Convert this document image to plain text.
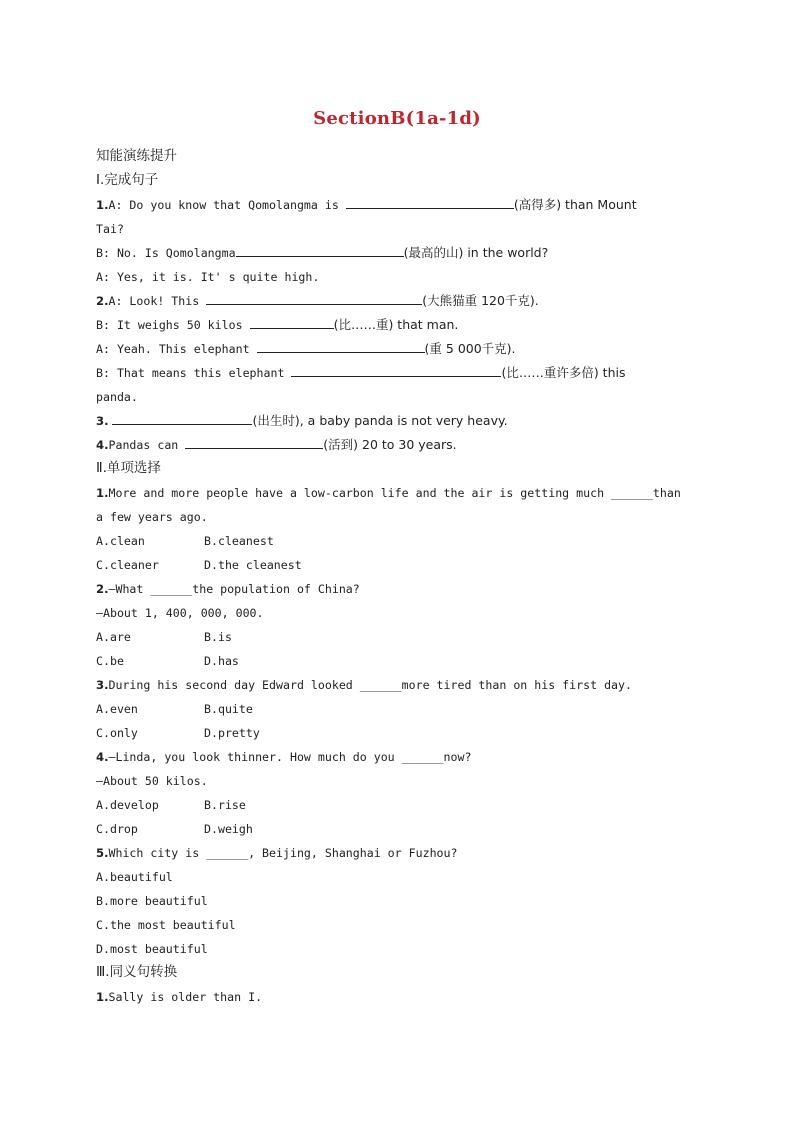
SectionB(1a-1d)
知能演练提升
Ⅰ.完成句子
1.A: Do you know that Qomolangma is	(高得多) than Mount
Tai?
B: No. Is Qomolangma	(最高的山) in the world?
A: Yes, it is. It' s quite high.
2.A: Look! This	(大熊猫重 120千克).
B: It weighs 50 kilos	(比……重) that man.
A: Yeah. This elephant	(重 5 000千克).
B: That means this elephant	(比……重许多倍) this
panda.
3.	(出生时), a baby panda is not very heavy.
4.Pandas can	(活到) 20 to 30 years.
Ⅱ.单项选择
1.More and more people have a low-carbon life and the air is getting much ______than
a few years ago.
A.clean	B.cleanest
C.cleaner	D.the cleanest
2.—What ______the population of China?
—About 1, 400, 000, 000.
A.are	B.is
C.be	D.has
3.During his second day Edward looked ______more tired than on his first day.
A.even	B.quite
C.only	D.pretty
4.—Linda, you look thinner. How much do you ______now?
—About 50 kilos.
A.develop	B.rise
C.drop	D.weigh
5.Which city is ______, Beijing, Shanghai or Fuzhou?
A.beautiful
B.more beautiful
C.the most beautiful
D.most beautiful
Ⅲ.同义句转换
1.Sally is older than I.
